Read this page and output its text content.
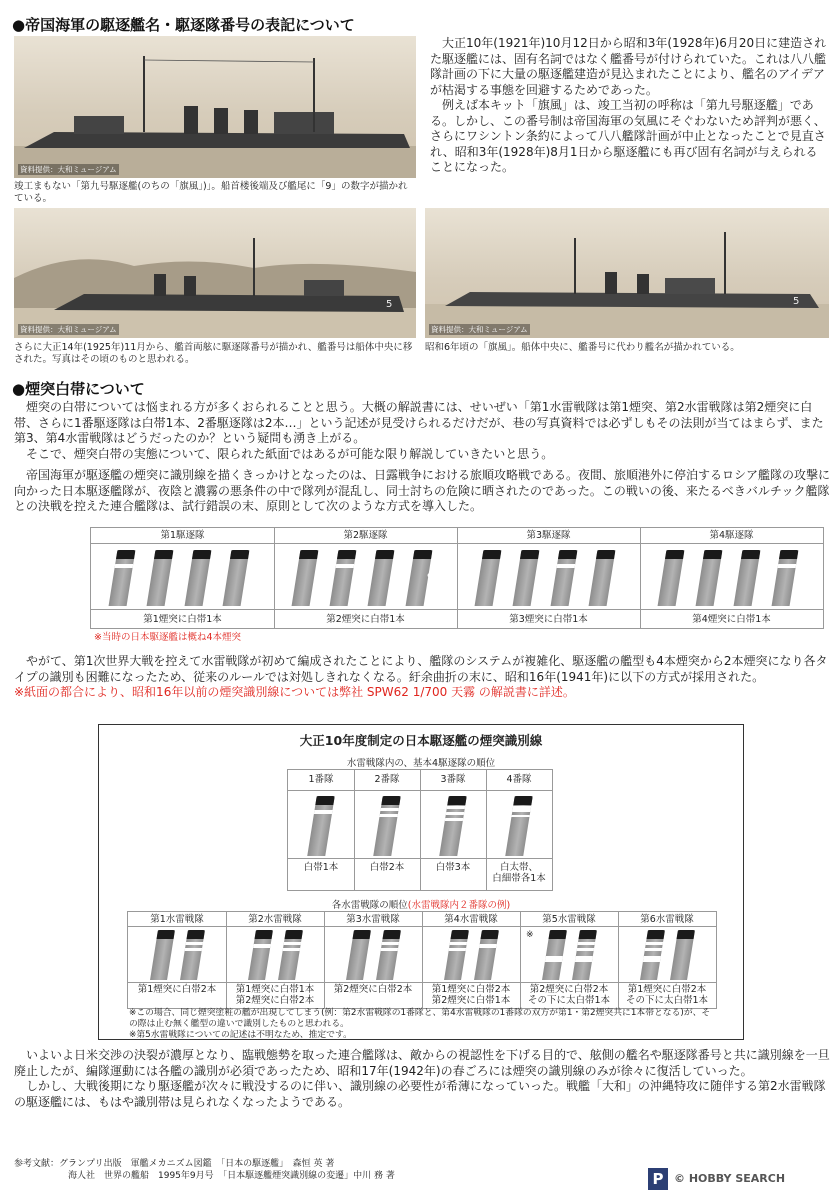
●帝国海軍の駆逐艦名・駆逐隊番号の表記について
資料提供：大和ミュージアム
竣工まもない「第九号駆逐艦(のちの「旗風」)」。船首楼後端及び艦尾に「9」の数字が描かれている。

大正10年(1921年)10月12日から昭和3年(1928年)6月20日に建造された駆逐艦には、固有名詞ではなく艦番号が付けられていた。これは八八艦隊計画の下に大量の駆逐艦建造が見込まれたことにより、艦名のアイデアが枯渇する事態を回避するためであった。

例えば本キット「旗風」は、竣工当初の呼称は「第九号駆逐艦」である。しかし、この番号制は帝国海軍の気風にそぐわないため評判が悪く、さらにワシントン条約によって八八艦隊計画が中止となったことで見直され、昭和3年(1928年)8月1日から駆逐艦にも再び固有名詞が与えられることになった。

5
資料提供：大和ミュージアム
さらに大正14年(1925年)11月から、艦首両舷に駆逐隊番号が描かれ、艦番号は船体中央に移された。写真はその頃のものと思われる。
5
資料提供：大和ミュージアム
昭和6年頃の「旗風」。船体中央に、艦番号に代わり艦名が描かれている。
●煙突白帯について

煙突の白帯については悩まれる方が多くおられることと思う。大概の解説書には、せいぜい「第1水雷戦隊は第1煙突、第2水雷戦隊は第2煙突に白帯、さらに1番駆逐隊は白帯1本、2番駆逐隊は2本…」という記述が見受けられるだけだが、巷の写真資料では必ずしもその法則が当てはまらず、また第3、第4水雷戦隊はどうだったのか？という疑問も湧き上がる。

そこで、煙突白帯の実態について、限られた紙面ではあるが可能な限り解説していきたいと思う。

帝国海軍が駆逐艦の煙突に識別線を描くきっかけとなったのは、日露戦争における旅順攻略戦である。夜間、旅順港外に停泊するロシア艦隊の攻撃に向かった日本駆逐艦隊が、夜陰と濃霧の悪条件の中で隊列が混乱し、同士討ちの危険に晒されたのであった。この戦いの後、来たるべきバルチック艦隊との決戦を控えた連合艦隊は、試行錯誤の末、原則として次のような方式を導入した。

第1駆逐隊
第1煙突に白帯1本
第2駆逐隊
第2煙突に白帯1本
第3駆逐隊
第3煙突に白帯1本
第4駆逐隊
第4煙突に白帯1本
9
※当時の日本駆逐艦は概ね4本煙突

やがて、第1次世界大戦を控えて水雷戦隊が初めて編成されたことにより、艦隊のシステムが複雑化、駆逐艦の艦型も4本煙突から2本煙突になり各タイプの識別も困難になったため、従来のルールでは対処しきれなくなる。紆余曲折の末に、昭和16年(1941年)に以下の方式が採用された。

※紙面の都合により、昭和16年以前の煙突識別線については弊社 SPW62 1/700 天霧 の解説書に詳述。

大正10年度制定の日本駆逐艦の煙突識別線
水雷戦隊内の、基本4駆逐隊の順位
1番隊
白帯1本
2番隊
白帯2本
3番隊
白帯3本
4番隊
白太帯、
白細帯各1本
各水雷戦隊の順位(水雷戦隊内２番隊の例)
第1水雷戦隊
第1煙突に白帯2本
第2水雷戦隊
第1煙突に白帯1本
第2煙突に白帯2本
第3水雷戦隊
第2煙突に白帯2本
第4水雷戦隊
第1煙突に白帯2本
第2煙突に白帯1本
第5水雷戦隊
第2煙突に白帯2本
その下に太白帯1本
第6水雷戦隊
第1煙突に白帯2本
その下に太白帯1本
※
※この場合、同じ煙突塗粧の艦が出現してしまう(例：第2水雷戦隊の1番隊と、第4水雷戦隊の1番隊の双方が第1・第2煙突共に1本帯となる)が、その際は止む無く艦型の違いで識別したものと思われる。
※第5水雷戦隊についての記述は不明なため、推定です。

いよいよ日米交渉の決裂が濃厚となり、臨戦態勢を取った連合艦隊は、敵からの視認性を下げる目的で、舷側の艦名や駆逐隊番号と共に識別線を一旦廃止したが、編隊運動には各艦の識別が必須であったため、昭和17年(1942年)の春ごろには煙突の識別線のみが徐々に復活していった。

しかし、大戦後期になり駆逐艦が次々に戦没するのに伴い、識別線の必要性が希薄になっていった。戦艦「大和」の沖縄特攻に随伴する第2水雷戦隊の駆逐艦には、もはや識別帯は見られなくなったようである。

参考文献：グランプリ出版　軍艦メカニズム図鑑　「日本の駆逐艦」　森恒 英 著
海人社　世界の艦船　1995年9月号　「日本駆逐艦煙突識別線の変遷」中川 務 著	P © HOBBY SEARCH
